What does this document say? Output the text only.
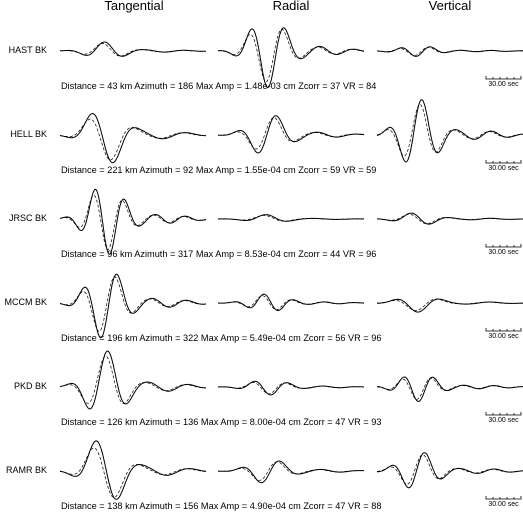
Tangential	Radial	Vertical
HAST BK
Distance = 43 km Azimuth = 186 Max Amp = 1.48e-03 cm Zcorr = 37 VR = 84	30.00 sec
HELL BK
Distance = 221 km Azimuth = 92 Max Amp = 1.55e-04 cm Zcorr = 59 VR = 59	30.00 sec
JRSC BK
Distance = 96 km Azimuth = 317 Max Amp = 8.53e-04 cm Zcorr = 44 VR = 96	30.00 sec
MCCM BK
Distance = 196 km Azimuth = 322 Max Amp = 5.49e-04 cm Zcorr = 56 VR = 96	30.00 sec
PKD BK
Distance = 126 km Azimuth = 136 Max Amp = 8.00e-04 cm Zcorr = 47 VR = 93	30.00 sec
RAMR BK
Distance = 138 km Azimuth = 156 Max Amp = 4.90e-04 cm Zcorr = 47 VR = 88	30.00 sec
